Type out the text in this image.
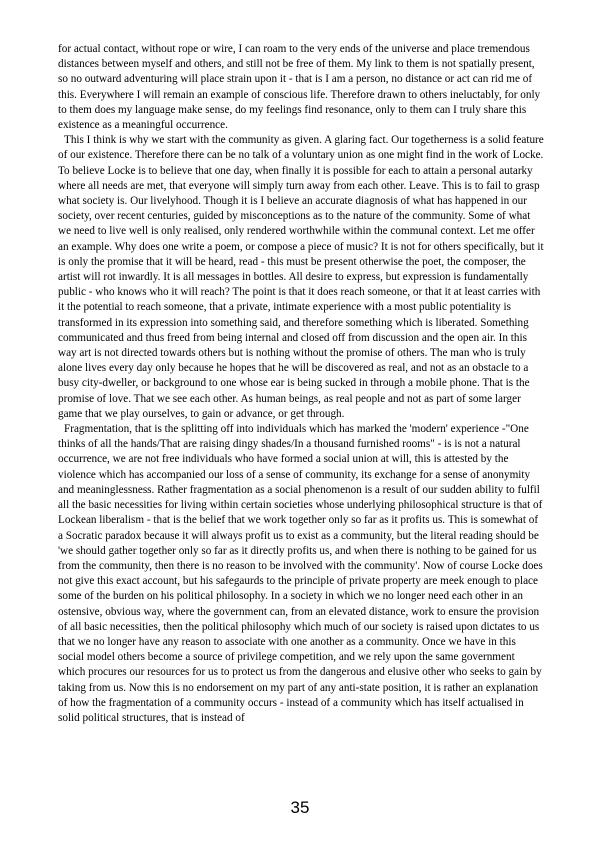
for actual contact, without rope or wire, I can roam to the very ends of the universe and place tremendous distances between myself and others, and still not be free of them. My link to them is not spatially present, so no outward adventuring will place strain upon it - that is I am a person, no distance or act can rid me of this. Everywhere I will remain an example of conscious life. Therefore drawn to others ineluctably, for only to them does my language make sense, do my feelings find resonance, only to them can I truly share this existence as a meaningful occurrence.

This I think is why we start with the community as given. A glaring fact. Our togetherness is a solid feature of our existence. Therefore there can be no talk of a voluntary union as one might find in the work of Locke. To believe Locke is to believe that one day, when finally it is possible for each to attain a personal autarky where all needs are met, that everyone will simply turn away from each other. Leave. This is to fail to grasp what society is. Our livelyhood. Though it is I believe an accurate diagnosis of what has happened in our society, over recent centuries, guided by misconceptions as to the nature of the community. Some of what we need to live well is only realised, only rendered worthwhile within the communal context. Let me offer an example. Why does one write a poem, or compose a piece of music? It is not for others specifically, but it is only the promise that it will be heard, read - this must be present otherwise the poet, the composer, the artist will rot inwardly. It is all messages in bottles. All desire to express, but expression is fundamentally public - who knows who it will reach? The point is that it does reach someone, or that it at least carries with it the potential to reach someone, that a private, intimate experience with a most public potentiality is transformed in its expression into something said, and therefore something which is liberated. Something communicated and thus freed from being internal and closed off from discussion and the open air. In this way art is not directed towards others but is nothing without the promise of others. The man who is truly alone lives every day only because he hopes that he will be discovered as real, and not as an obstacle to a busy city-dweller, or background to one whose ear is being sucked in through a mobile phone. That is the promise of love. That we see each other. As human beings, as real people and not as part of some larger game that we play ourselves, to gain or advance, or get through.

Fragmentation, that is the splitting off into individuals which has marked the 'modern' experience -"One thinks of all the hands/That are raising dingy shades/In a thousand furnished rooms" - is is not a natural occurrence, we are not free individuals who have formed a social union at will, this is attested by the violence which has accompanied our loss of a sense of community, its exchange for a sense of anonymity and meaninglessness. Rather fragmentation as a social phenomenon is a result of our sudden ability to fulfil all the basic necessities for living within certain societies whose underlying philosophical structure is that of Lockean liberalism - that is the belief that we work together only so far as it profits us. This is somewhat of a Socratic paradox because it will always profit us to exist as a community, but the literal reading should be 'we should gather together only so far as it directly profits us, and when there is nothing to be gained for us from the community, then there is no reason to be involved with the community'. Now of course Locke does not give this exact account, but his safegaurds to the principle of private property are meek enough to place some of the burden on his political philosophy. In a society in which we no longer need each other in an ostensive, obvious way, where the government can, from an elevated distance, work to ensure the provision of all basic necessities, then the political philosophy which much of our society is raised upon dictates to us that we no longer have any reason to associate with one another as a community. Once we have in this social model others become a source of privilege competition, and we rely upon the same government which procures our resources for us to protect us from the dangerous and elusive other who seeks to gain by taking from us. Now this is no endorsement on my part of any anti-state position, it is rather an explanation of how the fragmentation of a community occurs - instead of a community which has itself actualised in solid political structures, that is instead of

35
